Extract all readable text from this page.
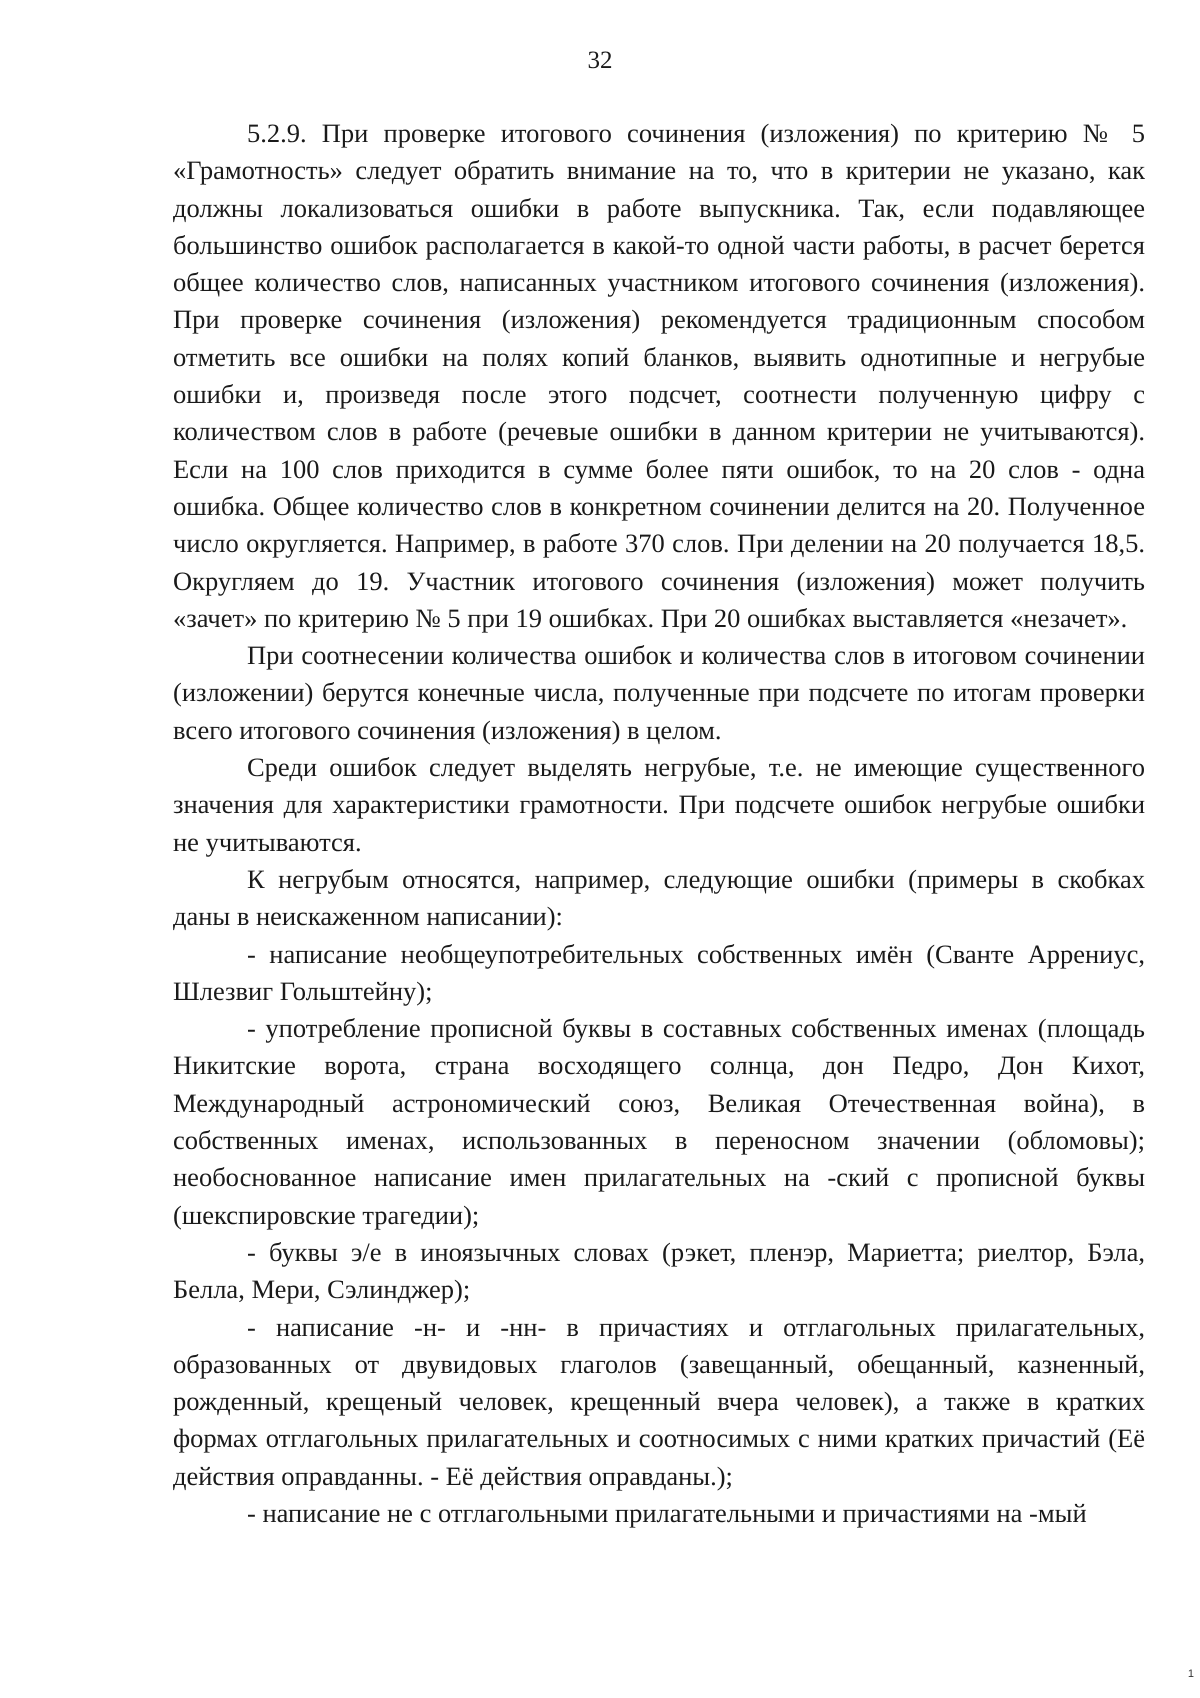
32

5.2.9. При проверке итогового сочинения (изложения) по критерию № 5 «Грамотность» следует обратить внимание на то, что в критерии не указано, как должны локализоваться ошибки в работе выпускника. Так, если подавляющее большинство ошибок располагается в какой-то одной части работы, в расчет берется общее количество слов, написанных участником итогового сочинения (изложения). При проверке сочинения (изложения) рекомендуется традиционным способом отметить все ошибки на полях копий бланков, выявить однотипные и негрубые ошибки и, произведя после этого подсчет, соотнести полученную цифру с количеством слов в работе (речевые ошибки в данном критерии не учитываются). Если на 100 слов приходится в сумме более пяти ошибок, то на 20 слов - одна ошибка. Общее количество слов в конкретном сочинении делится на 20. Полученное число округляется. Например, в работе 370 слов. При делении на 20 получается 18,5. Округляем до 19. Участник итогового сочинения (изложения) может получить «зачет» по критерию № 5 при 19 ошибках. При 20 ошибках выставляется «незачет».

При соотнесении количества ошибок и количества слов в итоговом сочинении (изложении) берутся конечные числа, полученные при подсчете по итогам проверки всего итогового сочинения (изложения) в целом.

Среди ошибок следует выделять негрубые, т.е. не имеющие существенного значения для характеристики грамотности. При подсчете ошибок негрубые ошибки не учитываются.

К негрубым относятся, например, следующие ошибки (примеры в скобках даны в неискаженном написании):

- написание необщеупотребительных собственных имён (Сванте Аррениус, Шлезвиг Гольштейну);

- употребление прописной буквы в составных собственных именах (площадь Никитские ворота, страна восходящего солнца, дон Педро, Дон Кихот, Международный астрономический союз, Великая Отечественная война), в собственных именах, использованных в переносном значении (обломовы); необоснованное написание имен прилагательных на -ский с прописной буквы (шекспировские трагедии);

- буквы э/е в иноязычных словах (рэкет, пленэр, Мариетта; риелтор, Бэла, Белла, Мери, Сэлинджер);

- написание -н- и -нн- в причастиях и отглагольных прилагательных, образованных от двувидовых глаголов (завещанный, обещанный, казненный, рожденный, крещеный человек, крещенный вчера человек), а также в кратких формах отглагольных прилагательных и соотносимых с ними кратких причастий (Её действия оправданны. - Её действия оправданы.);

- написание не с отглагольными прилагательными и причастиями на -мый

1
